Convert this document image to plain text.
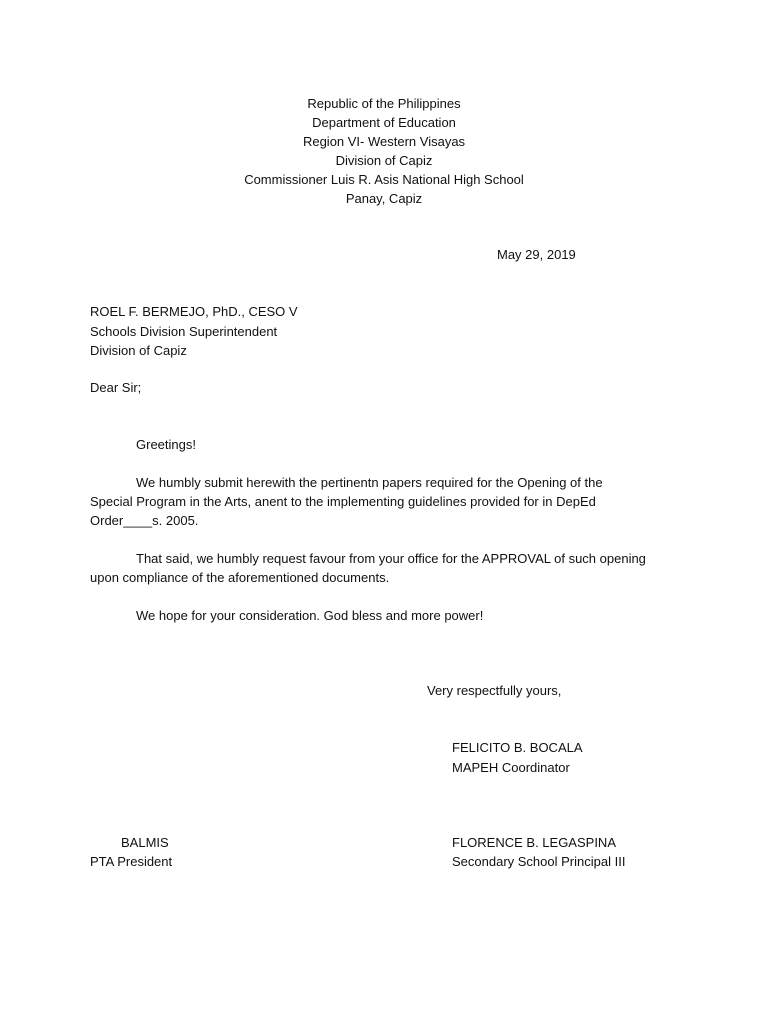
Republic of the Philippines
Department of Education
Region VI- Western Visayas
Division of Capiz
Commissioner Luis R. Asis National High School
Panay, Capiz
May 29, 2019
ROEL F. BERMEJO, PhD., CESO V
Schools Division Superintendent
Division of Capiz
Dear Sir;
Greetings!
We humbly submit herewith the pertinentn papers required for the Opening of the
Special Program in the Arts, anent to the implementing guidelines provided for in DepEd
Order____s. 2005.
That said, we humbly request favour from your office for the APPROVAL of such opening
upon compliance of the aforementioned documents.
We hope for your consideration. God bless and more power!
Very respectfully yours,
FELICITO B. BOCALA
MAPEH Coordinator
BALMIS
PTA President
FLORENCE B. LEGASPINA
Secondary School Principal III
